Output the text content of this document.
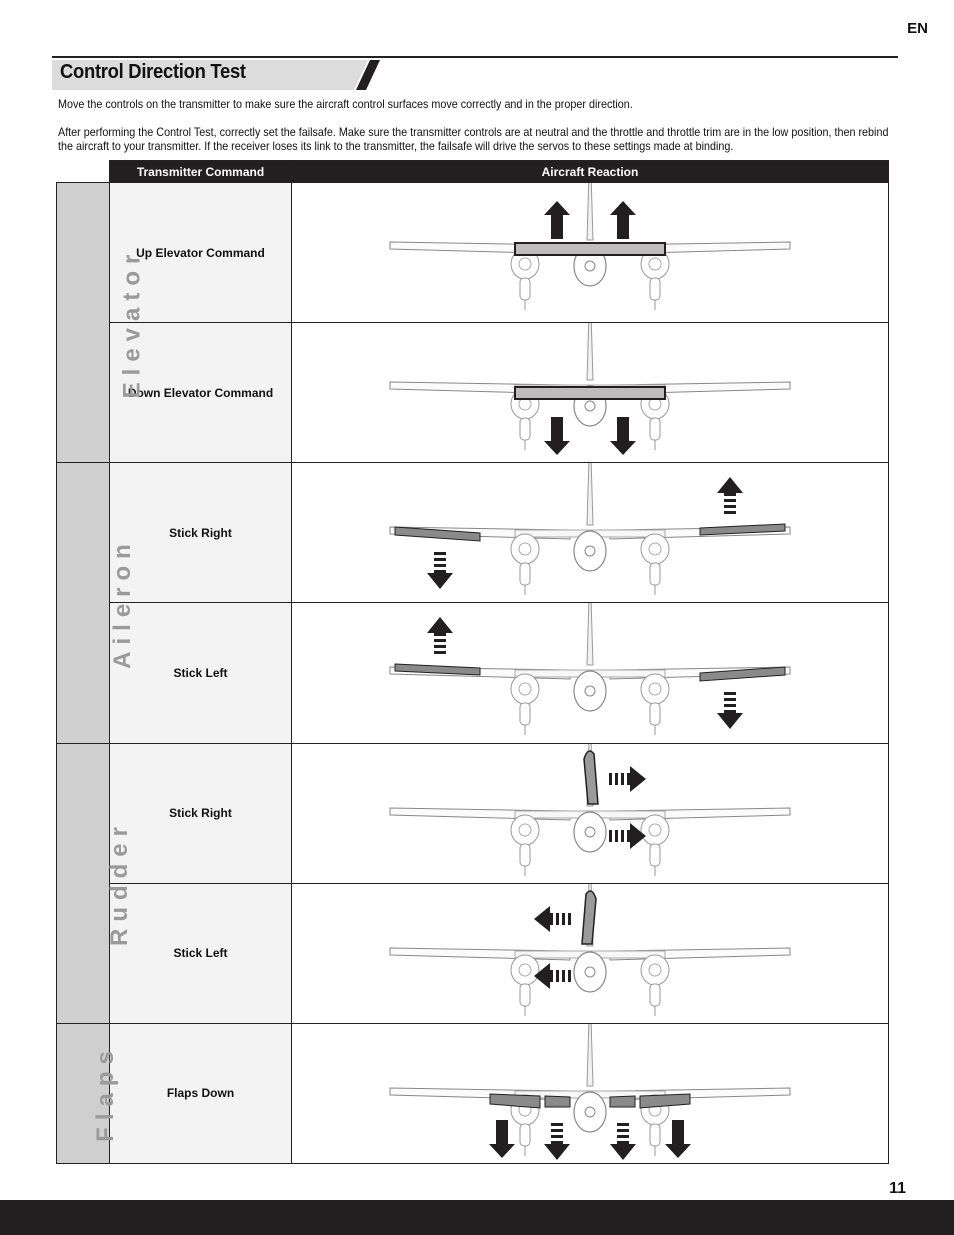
EN
Control Direction Test
Move the controls on the transmitter to make sure the aircraft control surfaces move correctly and in the proper direction.
After performing the Control Test, correctly set the failsafe. Make sure the transmitter controls are at neutral and the throttle and throttle trim are in the low position, then rebind the aircraft to your transmitter. If the receiver loses its link to the transmitter, the failsafe will drive the servos to these settings made at binding.
	Transmitter Command	Aircraft Reaction
Elevator	Up Elevator Command	

	Down Elevator Command	

Aileron	Stick Right	

	Stick Left	

Rudder	Stick Right	

	Stick Left	

Flaps	Flaps Down	
11
